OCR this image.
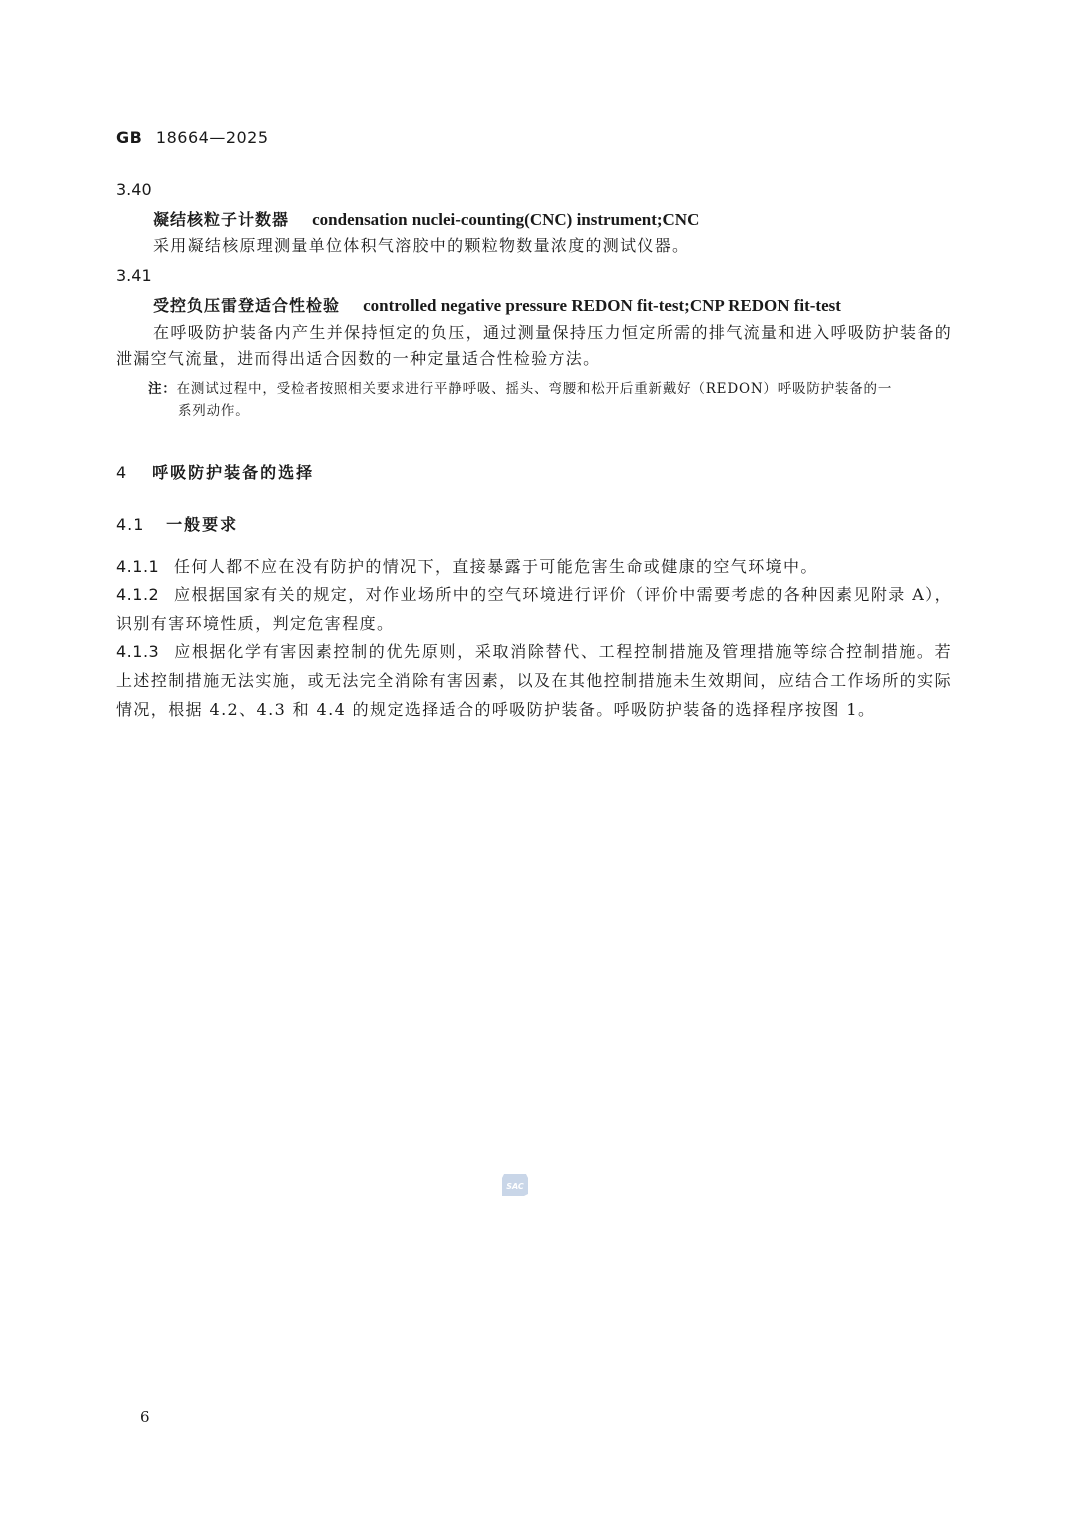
GB 18664—2025
3.40
凝结核粒子计数器 condensation nuclei-counting(CNC) instrument;CNC

采用凝结核原理测量单位体积气溶胶中的颗粒物数量浓度的测试仪器。

3.41
受控负压雷登适合性检验 controlled negative pressure REDON fit-test;CNP REDON fit-test

在呼吸防护装备内产生并保持恒定的负压，通过测量保持压力恒定所需的排气流量和进入呼吸防护装备的泄漏空气流量，进而得出适合因数的一种定量适合性检验方法。

注：在测试过程中，受检者按照相关要求进行平静呼吸、摇头、弯腰和松开后重新戴好（REDON）呼吸防护装备的一
系列动作。

4 呼吸防护装备的选择
4.1 一般要求

4.1.1 任何人都不应在没有防护的情况下，直接暴露于可能危害生命或健康的空气环境中。

4.1.2 应根据国家有关的规定，对作业场所中的空气环境进行评价（评价中需要考虑的各种因素见附录 A），识别有害环境性质，判定危害程度。

4.1.3 应根据化学有害因素控制的优先原则，采取消除替代、工程控制措施及管理措施等综合控制措施。若上述控制措施无法实施，或无法完全消除有害因素，以及在其他控制措施未生效期间，应结合工作场所的实际情况，根据 4.2、4.3 和 4.4 的规定选择适合的呼吸防护装备。呼吸防护装备的选择程序按图 1。

SAC
6
